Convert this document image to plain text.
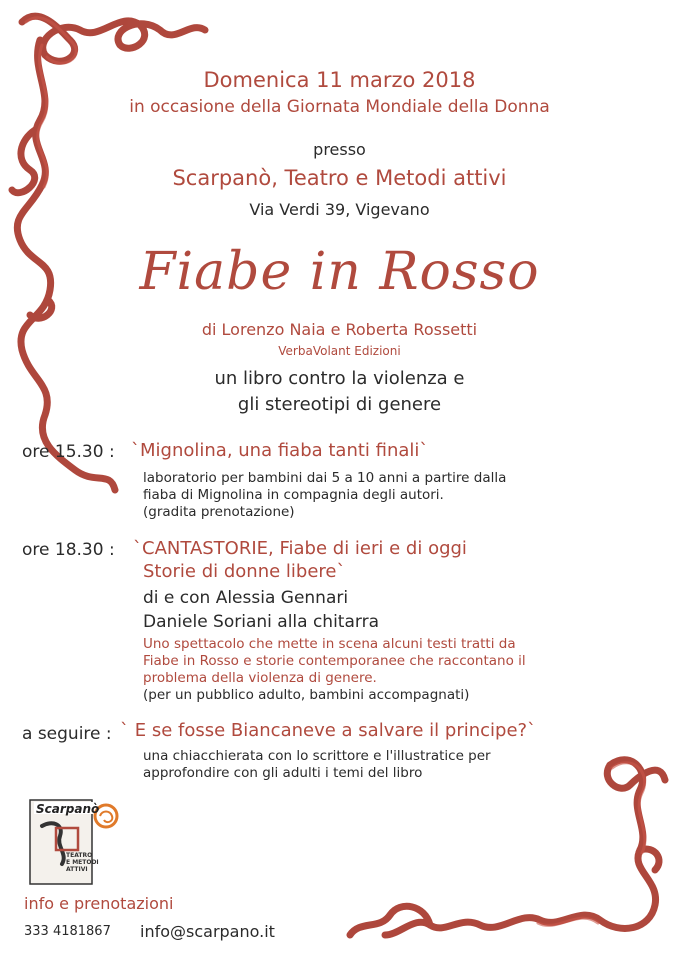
Domenica 11 marzo 2018
in occasione della Giornata Mondiale della Donna
presso
Scarpanò, Teatro e Metodi attivi
Via Verdi 39, Vigevano
Fiabe in Rosso
di Lorenzo Naia e Roberta Rossetti
VerbaVolant Edizioni
un libro contro la violenza e
gli stereotipi di genere
ore 15.30 : `Mignolina, una fiaba tanti finali`
laboratorio per bambini dai 5 a 10 anni a partire dalla
fiaba di Mignolina in compagnia degli autori.
(gradita prenotazione)
ore 18.30 : `CANTASTORIE, Fiabe di ieri e di oggi
Storie di donne libere`
di e con Alessia Gennari
Daniele Soriani alla chitarra
Uno spettacolo che mette in scena alcuni testi tratti da
Fiabe in Rosso e storie contemporanee che raccontano il
problema della violenza di genere.
(per un pubblico adulto, bambini accompagnati)
a seguire : ` E se fosse Biancaneve a salvare il principe?`
una chiacchierata con lo scrittore e l'illustratice per
approfondire con gli adulti i temi del libro
Scarpanò
TEATRO
E METODI
ATTIVI
info e prenotazioni
333 4181867 info@scarpano.it
